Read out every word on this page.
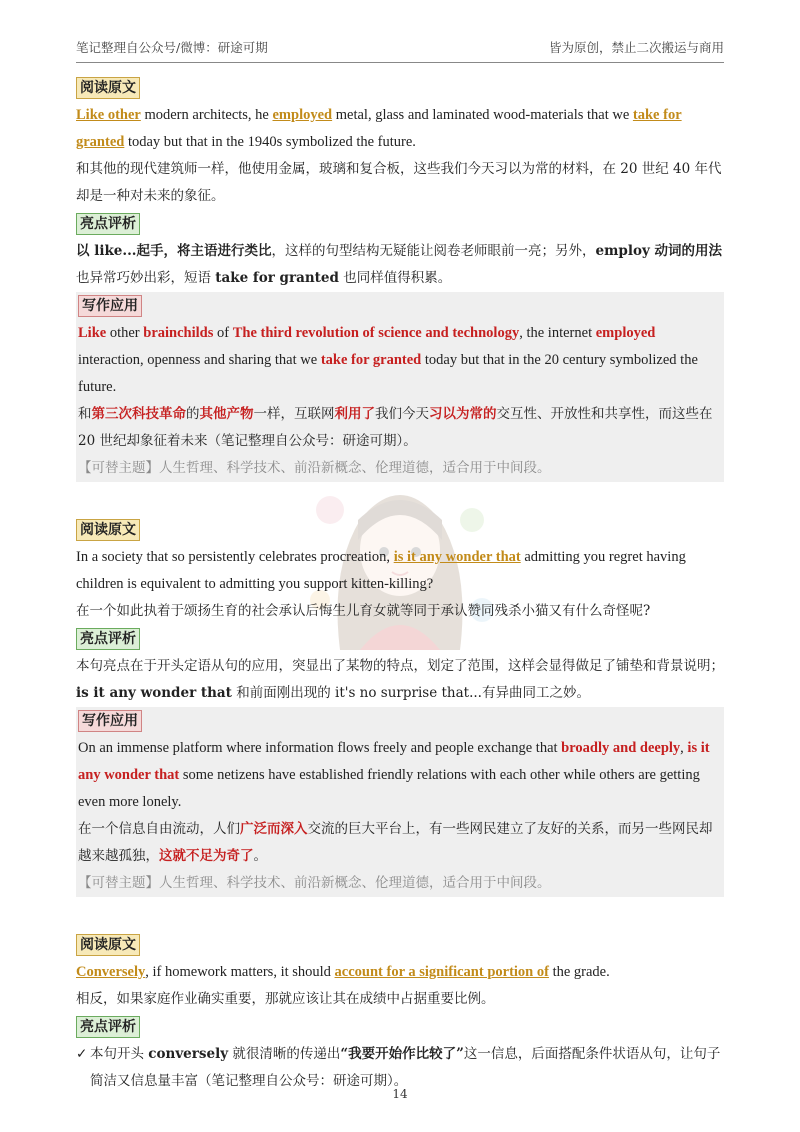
笔记整理自公众号/微博：研途可期	皆为原创，禁止二次搬运与商用
阅读原文
Like other modern architects, he employed metal, glass and laminated wood-materials that we take for granted today but that in the 1940s symbolized the future.
和其他的现代建筑师一样，他使用金属，玻璃和复合板，这些我们今天习以为常的材料，在 20 世纪 40 年代却是一种对未来的象征。
亮点评析
以 like...起手，将主语进行类比，这样的句型结构无疑能让阅卷老师眼前一亮；另外，employ 动词的用法也异常巧妙出彩，短语 take for granted 也同样值得积累。
写作应用
Like other brainchilds of The third revolution of science and technology, the internet employed interaction, openness and sharing that we take for granted today but that in the 20 century symbolized the future.
和第三次科技革命的其他产物一样，互联网利用了我们今天习以为常的交互性、开放性和共享性，而这些在 20 世纪却象征着未来（笔记整理自公众号：研途可期）。
【可替主题】人生哲理、科学技术、前沿新概念、伦理道德，适合用于中间段。
阅读原文
In a society that so persistently celebrates procreation, is it any wonder that admitting you regret having children is equivalent to admitting you support kitten-killing?
在一个如此执着于颂扬生育的社会承认后悔生儿育女就等同于承认赞同残杀小猫又有什么奇怪呢?
亮点评析
本句亮点在于开头定语从句的应用，突显出了某物的特点，划定了范围，这样会显得做足了铺垫和背景说明；is it any wonder that 和前面刚出现的 it's no surprise that...有异曲同工之妙。
写作应用
On an immense platform where information flows freely and people exchange that broadly and deeply, is it any wonder that some netizens have established friendly relations with each other while others are getting even more lonely.
在一个信息自由流动，人们广泛而深入交流的巨大平台上，有一些网民建立了友好的关系，而另一些网民却越来越孤独，这就不足为奇了。
【可替主题】人生哲理、科学技术、前沿新概念、伦理道德，适合用于中间段。
阅读原文
Conversely, if homework matters, it should account for a significant portion of the grade.
相反，如果家庭作业确实重要，那就应该让其在成绩中占据重要比例。
亮点评析
✓ 本句开头 conversely 就很清晰的传递出“我要开始作比较了”这一信息，后面搭配条件状语从句，让句子简洁又信息量丰富（笔记整理自公众号：研途可期）。
14
